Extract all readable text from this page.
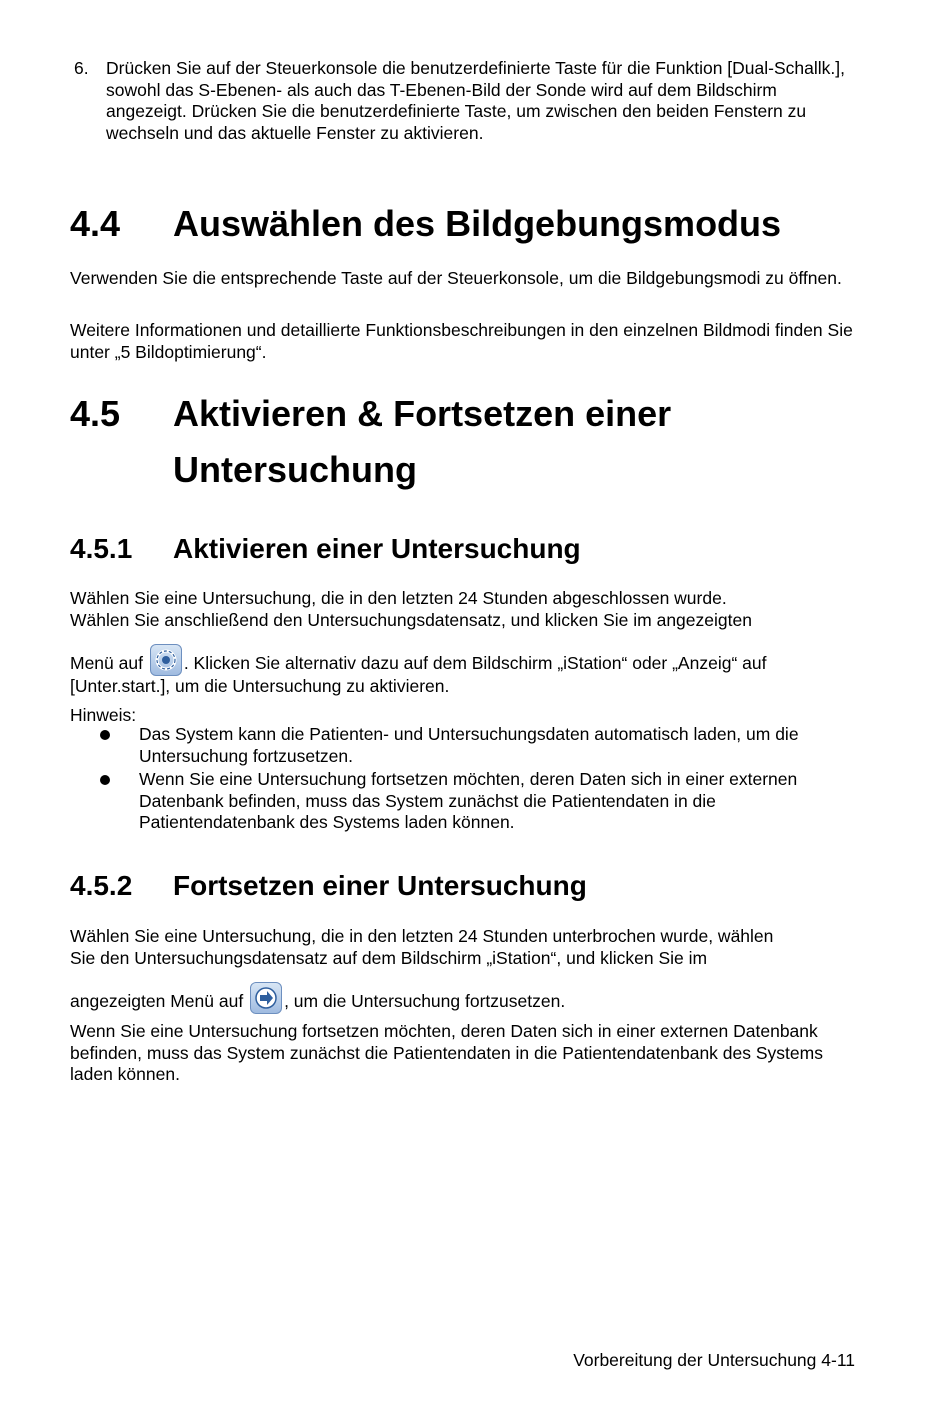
6. Drücken Sie auf der Steuerkonsole die benutzerdefinierte Taste für die Funktion [Dual-Schallk.], sowohl das S-Ebenen- als auch das T-Ebenen-Bild der Sonde wird auf dem Bildschirm angezeigt. Drücken Sie die benutzerdefinierte Taste, um zwischen den beiden Fenstern zu wechseln und das aktuelle Fenster zu aktivieren.

4.4 Auswählen des Bildgebungsmodus

Verwenden Sie die entsprechende Taste auf der Steuerkonsole, um die Bildgebungsmodi zu öffnen.

Weitere Informationen und detaillierte Funktionsbeschreibungen in den einzelnen Bildmodi finden Sie unter „5 Bildoptimierung“.

4.5 Aktivieren & Fortsetzen einer
Untersuchung
4.5.1 Aktivieren einer Untersuchung

Wählen Sie eine Untersuchung, die in den letzten 24 Stunden abgeschlossen wurde.

Wählen Sie anschließend den Untersuchungsdatensatz, und klicken Sie im angezeigten

Menü auf . Klicken Sie alternativ dazu auf dem Bildschirm „iStation“ oder „Anzeig“ auf

[Unter.start.], um die Untersuchung zu aktivieren.

Hinweis:

Das System kann die Patienten- und Untersuchungsdaten automatisch laden, um die Untersuchung fortzusetzen.

Wenn Sie eine Untersuchung fortsetzen möchten, deren Daten sich in einer externen Datenbank befinden, muss das System zunächst die Patientendaten in die Patientendatenbank des Systems laden können.

4.5.2 Fortsetzen einer Untersuchung

Wählen Sie eine Untersuchung, die in den letzten 24 Stunden unterbrochen wurde, wählen

Sie den Untersuchungsdatensatz auf dem Bildschirm „iStation“, und klicken Sie im

angezeigten Menü auf , um die Untersuchung fortzusetzen.

Wenn Sie eine Untersuchung fortsetzen möchten, deren Daten sich in einer externen Datenbank befinden, muss das System zunächst die Patientendaten in die Patientendatenbank des Systems laden können.

Vorbereitung der Untersuchung 4-11
